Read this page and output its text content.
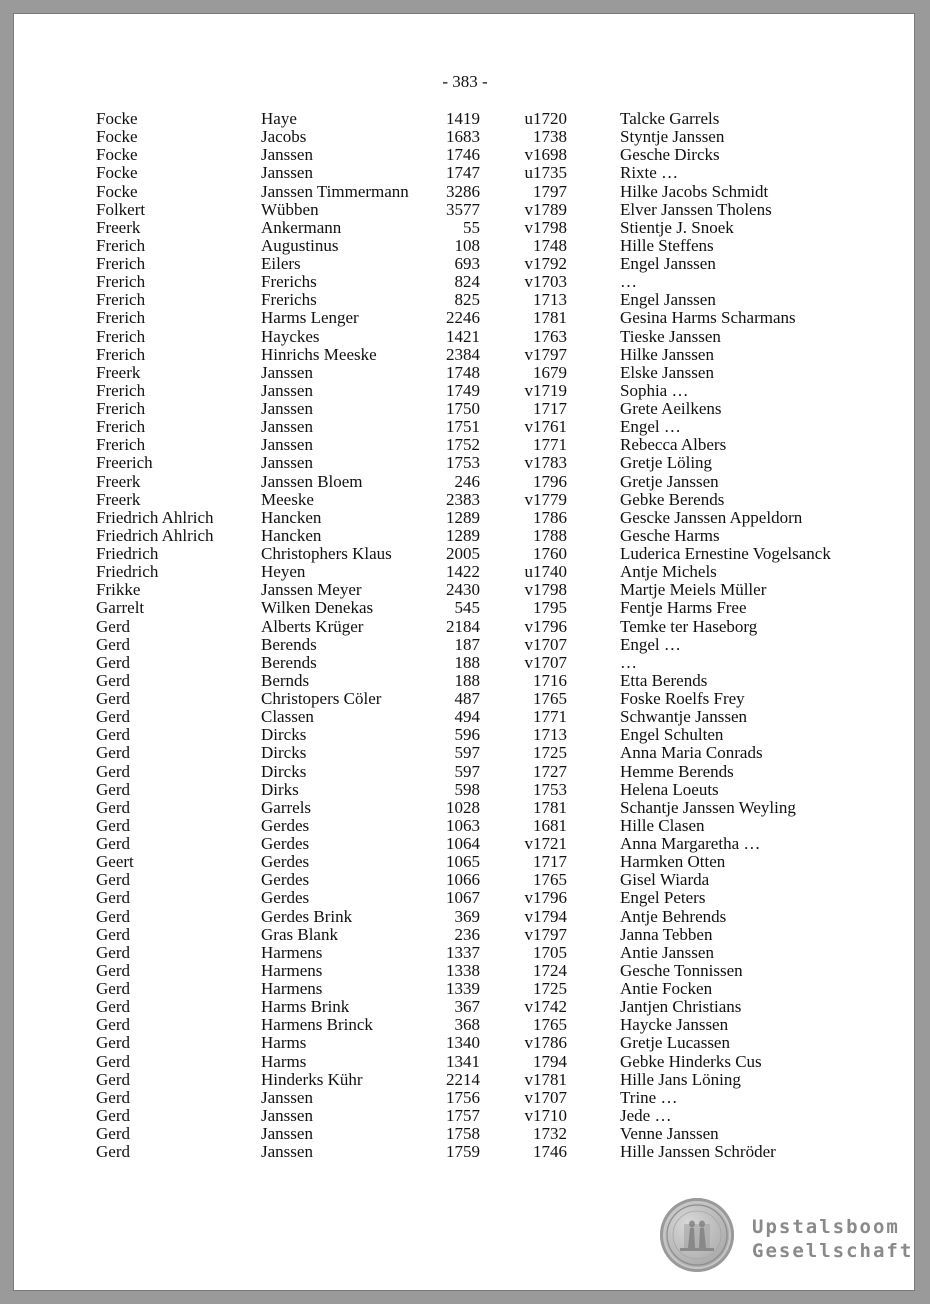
- 383 -
Focke	Haye	1419	u1720	Talcke Garrels
Focke	Jacobs	1683	1738	Styntje Janssen
Focke	Janssen	1746	v1698	Gesche Dircks
Focke	Janssen	1747	u1735	Rixte …
Focke	Janssen Timmermann	3286	1797	Hilke Jacobs Schmidt
Folkert	Wübben	3577	v1789	Elver Janssen Tholens
Freerk	Ankermann	55	v1798	Stientje J. Snoek
Frerich	Augustinus	108	1748	Hille Steffens
Frerich	Eilers	693	v1792	Engel Janssen
Frerich	Frerichs	824	v1703	…
Frerich	Frerichs	825	1713	Engel Janssen
Frerich	Harms Lenger	2246	1781	Gesina Harms Scharmans
Frerich	Hayckes	1421	1763	Tieske Janssen
Frerich	Hinrichs Meeske	2384	v1797	Hilke Janssen
Freerk	Janssen	1748	1679	Elske Janssen
Frerich	Janssen	1749	v1719	Sophia …
Frerich	Janssen	1750	1717	Grete Aeilkens
Frerich	Janssen	1751	v1761	Engel …
Frerich	Janssen	1752	1771	Rebecca Albers
Freerich	Janssen	1753	v1783	Gretje Löling
Freerk	Janssen Bloem	246	1796	Gretje Janssen
Freerk	Meeske	2383	v1779	Gebke Berends
Friedrich Ahlrich	Hancken	1289	1786	Gescke Janssen Appeldorn
Friedrich Ahlrich	Hancken	1289	1788	Gesche Harms
Friedrich	Christophers Klaus	2005	1760	Luderica Ernestine Vogelsanck
Friedrich	Heyen	1422	u1740	Antje Michels
Frikke	Janssen Meyer	2430	v1798	Martje Meiels Müller
Garrelt	Wilken Denekas	545	1795	Fentje Harms Free
Gerd	Alberts Krüger	2184	v1796	Temke ter Haseborg
Gerd	Berends	187	v1707	Engel …
Gerd	Berends	188	v1707	…
Gerd	Bernds	188	1716	Etta Berends
Gerd	Christopers Cöler	487	1765	Foske Roelfs Frey
Gerd	Classen	494	1771	Schwantje Janssen
Gerd	Dircks	596	1713	Engel Schulten
Gerd	Dircks	597	1725	Anna Maria Conrads
Gerd	Dircks	597	1727	Hemme Berends
Gerd	Dirks	598	1753	Helena Loeuts
Gerd	Garrels	1028	1781	Schantje Janssen Weyling
Gerd	Gerdes	1063	1681	Hille Clasen
Gerd	Gerdes	1064	v1721	Anna Margaretha …
Geert	Gerdes	1065	1717	Harmken Otten
Gerd	Gerdes	1066	1765	Gisel Wiarda
Gerd	Gerdes	1067	v1796	Engel Peters
Gerd	Gerdes Brink	369	v1794	Antje Behrends
Gerd	Gras Blank	236	v1797	Janna Tebben
Gerd	Harmens	1337	1705	Antie Janssen
Gerd	Harmens	1338	1724	Gesche Tonnissen
Gerd	Harmens	1339	1725	Antie Focken
Gerd	Harms Brink	367	v1742	Jantjen Christians
Gerd	Harmens Brinck	368	1765	Haycke Janssen
Gerd	Harms	1340	v1786	Gretje Lucassen
Gerd	Harms	1341	1794	Gebke Hinderks Cus
Gerd	Hinderks Kühr	2214	v1781	Hille Jans Löning
Gerd	Janssen	1756	v1707	Trine …
Gerd	Janssen	1757	v1710	Jede …
Gerd	Janssen	1758	1732	Venne Janssen
Gerd	Janssen	1759	1746	Hille Janssen Schröder
Upstalsboom
Gesellschaft
